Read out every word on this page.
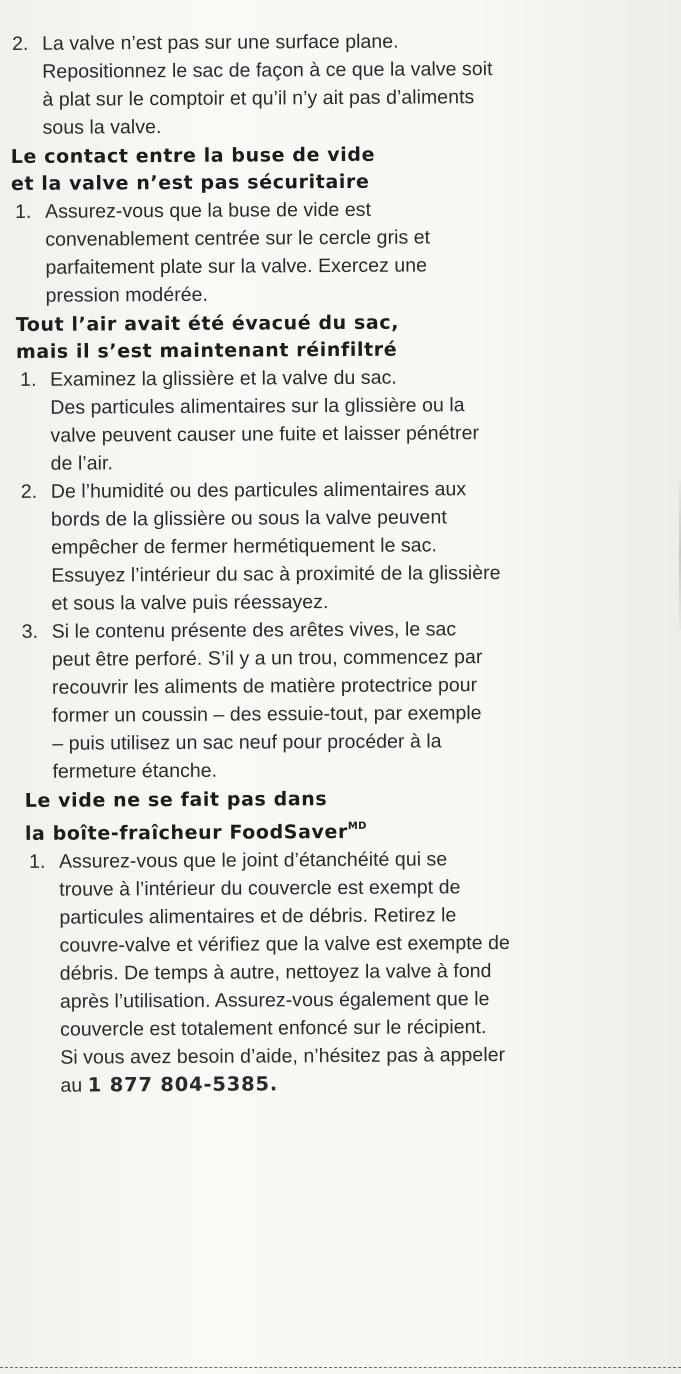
2. La valve n’est pas sur une surface plane.

Repositionnez le sac de façon à ce que la valve soit

à plat sur le comptoir et qu’il n’y ait pas d’aliments

sous la valve.

Le contact entre la buse de vide
et la valve n’est pas sécuritaire
1. Assurez-vous que la buse de vide est

convenablement centrée sur le cercle gris et

parfaitement plate sur la valve. Exercez une

pression modérée.

Tout l’air avait été évacué du sac,
mais il s’est maintenant réinfiltré
1. Examinez la glissière et la valve du sac.

Des particules alimentaires sur la glissière ou la

valve peuvent causer une fuite et laisser pénétrer

de l’air.

2. De l’humidité ou des particules alimentaires aux

bords de la glissière ou sous la valve peuvent

empêcher de fermer hermétiquement le sac.

Essuyez l’intérieur du sac à proximité de la glissière

et sous la valve puis réessayez.

3. Si le contenu présente des arêtes vives, le sac

peut être perforé. S’il y a un trou, commencez par

recouvrir les aliments de matière protectrice pour

former un coussin – des essuie-tout, par exemple

– puis utilisez un sac neuf pour procéder à la

fermeture étanche.

Le vide ne se fait pas dans
la boîte-fraîcheur FoodSaver$^{MD}$
1. Assurez-vous que le joint d’étanchéité qui se

trouve à l’intérieur du couvercle est exempt de

particules alimentaires et de débris. Retirez le

couvre-valve et vérifiez que la valve est exempte de

débris. De temps à autre, nettoyez la valve à fond

après l’utilisation. Assurez-vous également que le

couvercle est totalement enfoncé sur le récipient.

Si vous avez besoin d’aide, n’hésitez pas à appeler

au 1 877 804-5385.
